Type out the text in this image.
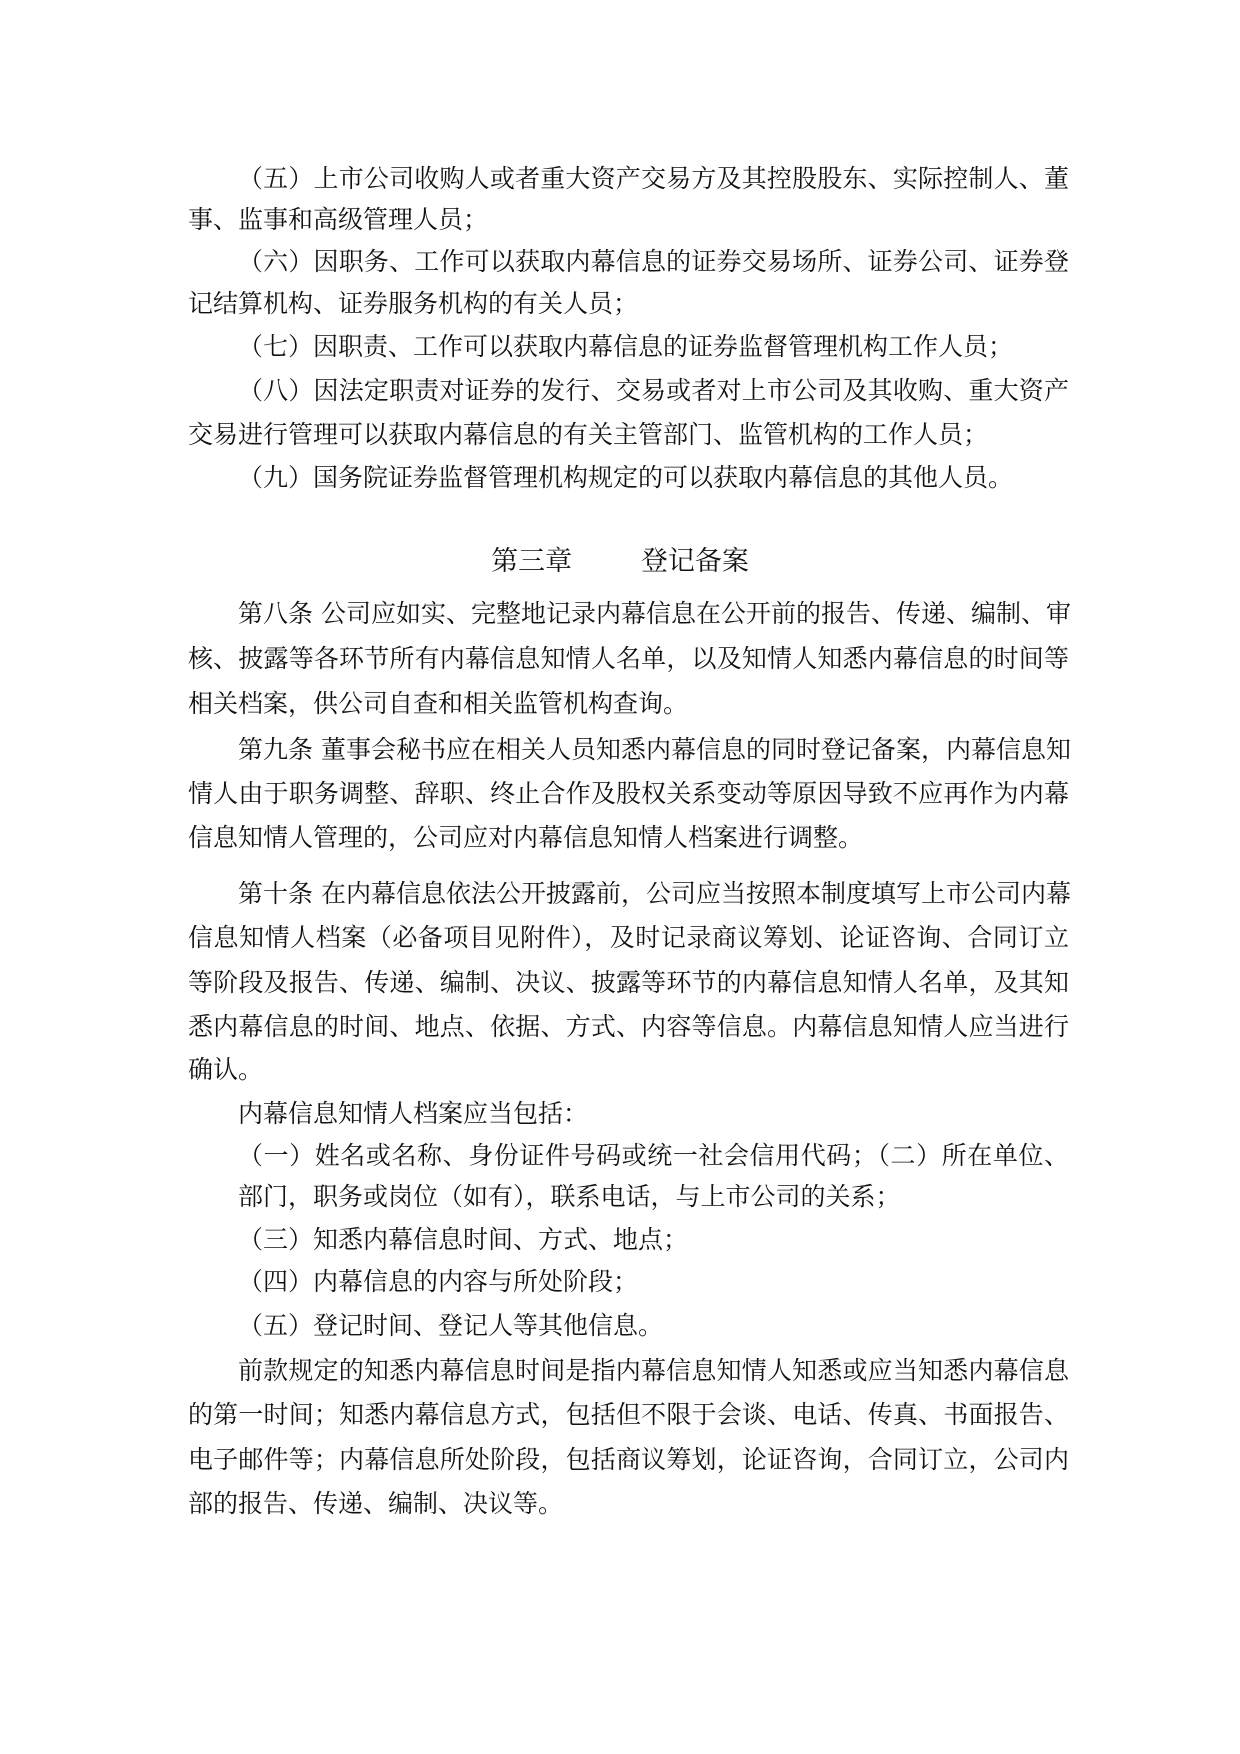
（五）上市公司收购人或者重大资产交易方及其控股股东、实际控制人、董
事、监事和高级管理人员；
（六）因职务、工作可以获取内幕信息的证券交易场所、证券公司、证券登
记结算机构、证券服务机构的有关人员；
（七）因职责、工作可以获取内幕信息的证券监督管理机构工作人员；
（八）因法定职责对证券的发行、交易或者对上市公司及其收购、重大资产
交易进行管理可以获取内幕信息的有关主管部门、监管机构的工作人员；
（九）国务院证券监督管理机构规定的可以获取内幕信息的其他人员。
第三章	登记备案
第八条 公司应如实、完整地记录内幕信息在公开前的报告、传递、编制、审
核、披露等各环节所有内幕信息知情人名单，以及知情人知悉内幕信息的时间等
相关档案，供公司自查和相关监管机构查询。
第九条 董事会秘书应在相关人员知悉内幕信息的同时登记备案，内幕信息知
情人由于职务调整、辞职、终止合作及股权关系变动等原因导致不应再作为内幕
信息知情人管理的，公司应对内幕信息知情人档案进行调整。
第十条 在内幕信息依法公开披露前，公司应当按照本制度填写上市公司内幕
信息知情人档案（必备项目见附件），及时记录商议筹划、论证咨询、合同订立
等阶段及报告、传递、编制、决议、披露等环节的内幕信息知情人名单，及其知
悉内幕信息的时间、地点、依据、方式、内容等信息。内幕信息知情人应当进行
确认。
内幕信息知情人档案应当包括：
（一）姓名或名称、身份证件号码或统一社会信用代码；（二）所在单位、
部门，职务或岗位（如有），联系电话，与上市公司的关系；
（三）知悉内幕信息时间、方式、地点；
（四）内幕信息的内容与所处阶段；
（五）登记时间、登记人等其他信息。
前款规定的知悉内幕信息时间是指内幕信息知情人知悉或应当知悉内幕信息
的第一时间；知悉内幕信息方式，包括但不限于会谈、电话、传真、书面报告、
电子邮件等；内幕信息所处阶段，包括商议筹划，论证咨询，合同订立，公司内
部的报告、传递、编制、决议等。
